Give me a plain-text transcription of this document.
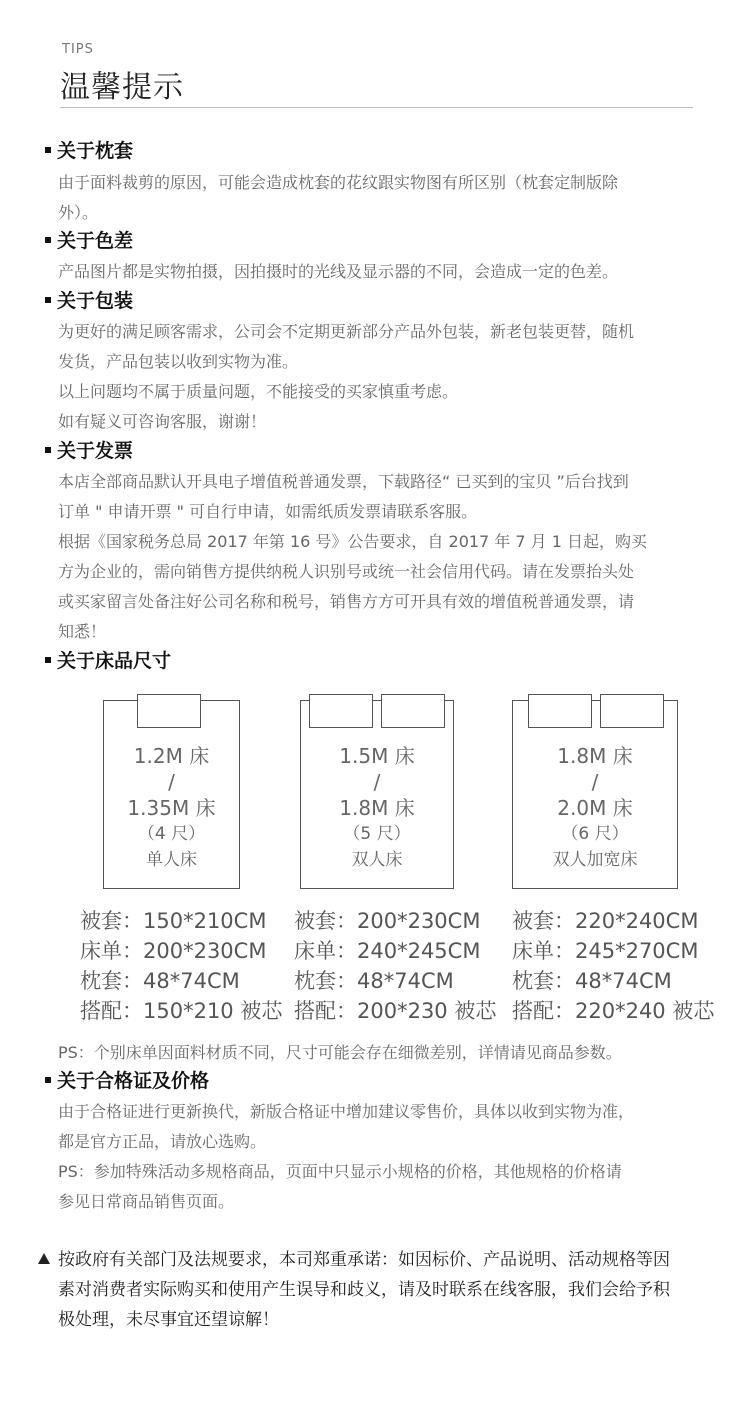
TIPS
温馨提示
关于枕套
由于面料裁剪的原因，可能会造成枕套的花纹跟实物图有所区别（枕套定制版除
外）。
关于色差
产品图片都是实物拍摄，因拍摄时的光线及显示器的不同，会造成一定的色差。
关于包装
为更好的满足顾客需求，公司会不定期更新部分产品外包装，新老包装更替，随机
发货，产品包装以收到实物为准。
以上问题均不属于质量问题，不能接受的买家慎重考虑。
如有疑义可咨询客服，谢谢！
关于发票
本店全部商品默认开具电子增值税普通发票，下载路径“ 已买到的宝贝 ”后台找到
订单 " 申请开票 " 可自行申请，如需纸质发票请联系客服。
根据《国家税务总局 2017 年第 16 号》公告要求，自 2017 年 7 月 1 日起，购买
方为企业的，需向销售方提供纳税人识别号或统一社会信用代码。请在发票抬头处
或买家留言处备注好公司名称和税号，销售方方可开具有效的增值税普通发票，请
知悉！
关于床品尺寸
1.2M 床
/
1.35M 床
（4 尺）
单人床
1.5M 床
/
1.8M 床
（5 尺）
双人床
1.8M 床
/
2.0M 床
（6 尺）
双人加宽床
被套：150*210CM
床单：200*230CM
枕套：48*74CM
搭配：150*210 被芯
被套：200*230CM
床单：240*245CM
枕套：48*74CM
搭配：200*230 被芯
被套：220*240CM
床单：245*270CM
枕套：48*74CM
搭配：220*240 被芯
PS：个别床单因面料材质不同，尺寸可能会存在细微差别，详情请见商品参数。
关于合格证及价格
由于合格证进行更新换代，新版合格证中增加建议零售价，具体以收到实物为准，
都是官方正品，请放心选购。
PS：参加特殊活动多规格商品，页面中只显示小规格的价格，其他规格的价格请
参见日常商品销售页面。
按政府有关部门及法规要求，本司郑重承诺：如因标价、产品说明、活动规格等因
素对消费者实际购买和使用产生误导和歧义，请及时联系在线客服，我们会给予积
极处理，未尽事宜还望谅解！
